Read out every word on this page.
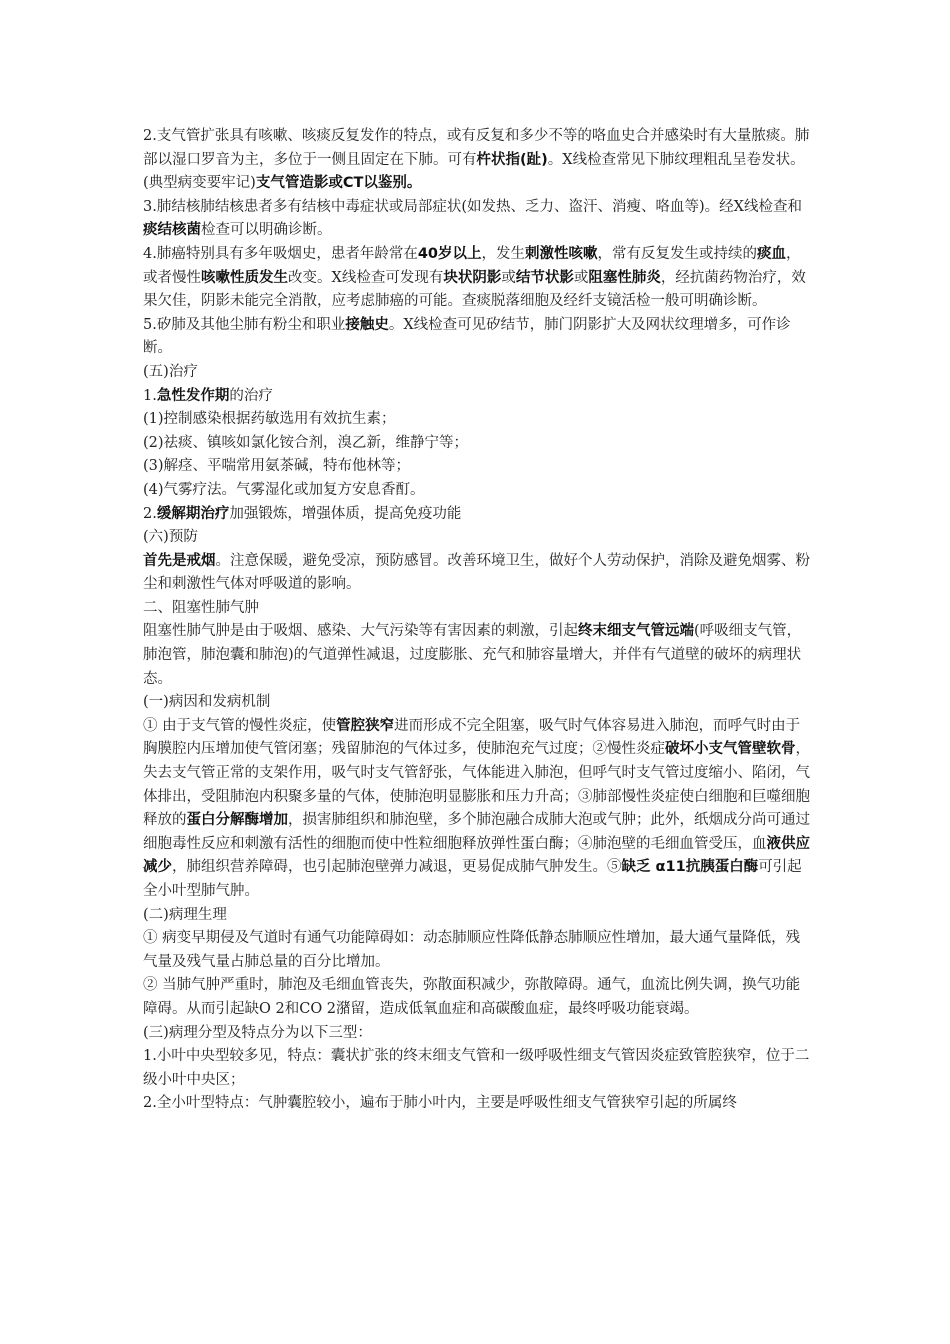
2.支气管扩张具有咳嗽、咳痰反复发作的特点，或有反复和多少不等的咯血史合并感染时有大量脓痰。肺部以湿口罗音为主，多位于一侧且固定在下肺。可有杵状指(趾)。X线检查常见下肺纹理粗乱呈卷发状。(典型病变要牢记)支气管造影或CT以鉴别。

3.肺结核肺结核患者多有结核中毒症状或局部症状(如发热、乏力、盗汗、消瘦、咯血等)。经X线检查和痰结核菌检查可以明确诊断。

4.肺癌特别具有多年吸烟史，患者年龄常在40岁以上，发生刺激性咳嗽，常有反复发生或持续的痰血，或者慢性咳嗽性质发生改变。X线检查可发现有块状阴影或结节状影或阻塞性肺炎，经抗菌药物治疗，效果欠佳，阴影未能完全消散，应考虑肺癌的可能。查痰脱落细胞及经纤支镜活检一般可明确诊断。

5.矽肺及其他尘肺有粉尘和职业接触史。X线检查可见矽结节，肺门阴影扩大及网状纹理增多，可作诊断。

(五)治疗

1.急性发作期的治疗

(1)控制感染根据药敏选用有效抗生素；

(2)祛痰、镇咳如氯化铵合剂，溴乙新，维静宁等；

(3)解痉、平喘常用氨茶碱，特布他林等；

(4)气雾疗法。气雾湿化或加复方安息香酊。

2.缓解期治疗加强锻炼，增强体质，提高免疫功能

(六)预防

首先是戒烟。注意保暖，避免受凉，预防感冒。改善环境卫生，做好个人劳动保护，消除及避免烟雾、粉尘和刺激性气体对呼吸道的影响。

二、阻塞性肺气肿

阻塞性肺气肿是由于吸烟、感染、大气污染等有害因素的刺激，引起终末细支气管远端(呼吸细支气管，肺泡管，肺泡囊和肺泡)的气道弹性减退，过度膨胀、充气和肺容量增大，并伴有气道壁的破坏的病理状态。

(一)病因和发病机制

① 由于支气管的慢性炎症，使管腔狭窄进而形成不完全阻塞，吸气时气体容易进入肺泡，而呼气时由于胸膜腔内压增加使气管闭塞；残留肺泡的气体过多，使肺泡充气过度；②慢性炎症破坏小支气管壁软骨，失去支气管正常的支架作用，吸气时支气管舒张，气体能进入肺泡，但呼气时支气管过度缩小、陷闭，气体排出，受阻肺泡内积聚多量的气体，使肺泡明显膨胀和压力升高；③肺部慢性炎症使白细胞和巨噬细胞释放的蛋白分解酶增加，损害肺组织和肺泡壁，多个肺泡融合成肺大泡或气肿；此外，纸烟成分尚可通过细胞毒性反应和刺激有活性的细胞而使中性粒细胞释放弹性蛋白酶；④肺泡壁的毛细血管受压，血液供应减少，肺组织营养障碍，也引起肺泡壁弹力减退，更易促成肺气肿发生。⑤缺乏 α11抗胰蛋白酶可引起全小叶型肺气肿。

(二)病理生理

① 病变早期侵及气道时有通气功能障碍如：动态肺顺应性降低静态肺顺应性增加，最大通气量降低，残气量及残气量占肺总量的百分比增加。

② 当肺气肿严重时，肺泡及毛细血管丧失，弥散面积减少，弥散障碍。通气，血流比例失调，换气功能障碍。从而引起缺O 2和CO 2潴留，造成低氧血症和高碳酸血症，最终呼吸功能衰竭。

(三)病理分型及特点分为以下三型：

1.小叶中央型较多见，特点：囊状扩张的终末细支气管和一级呼吸性细支气管因炎症致管腔狭窄，位于二级小叶中央区；

2.全小叶型特点：气肿囊腔较小，遍布于肺小叶内，主要是呼吸性细支气管狭窄引起的所属终
